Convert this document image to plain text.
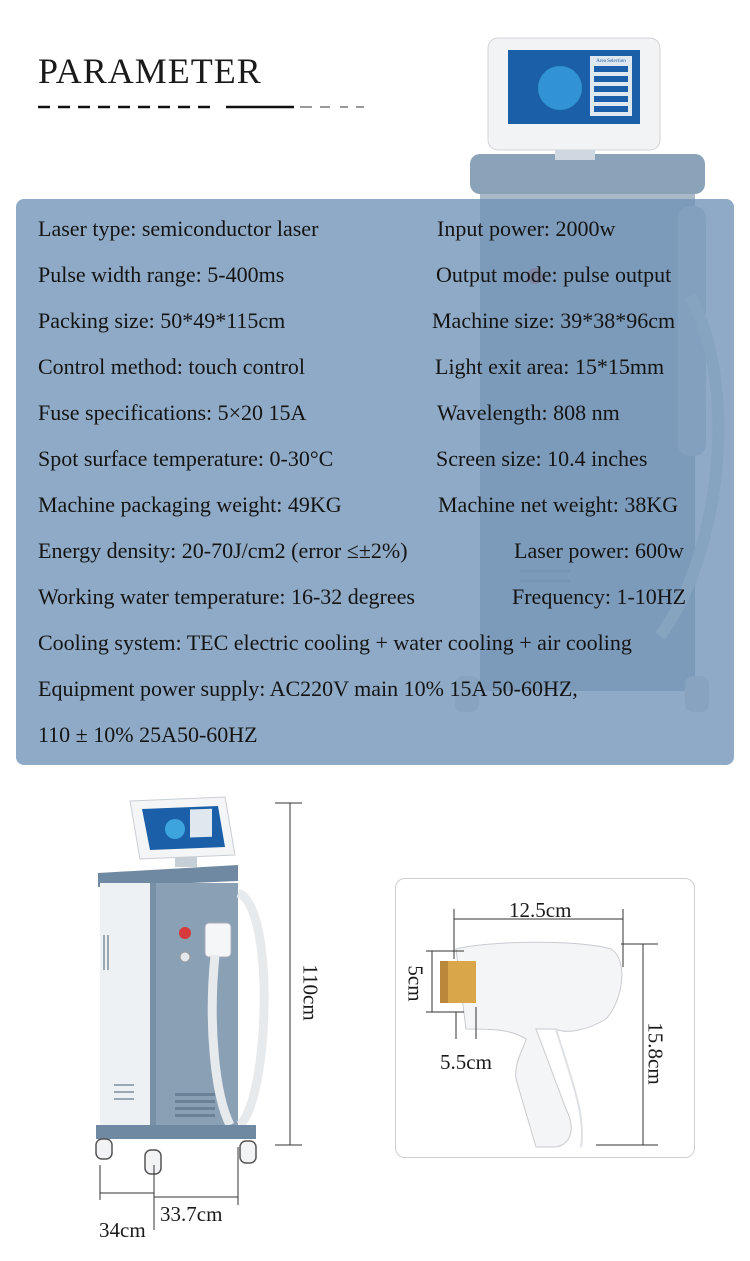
PARAMETER	Area Selection
Laser type: semiconductor laser
Pulse width range: 5-400ms
Packing size: 50*49*115cm
Control method: touch control
Fuse specifications: 5×20 15A
Spot surface temperature: 0-30°C
Machine packaging weight: 49KG
Energy density: 20-70J/cm2 (error ≤±2%)
Working water temperature: 16-32 degrees
Input power: 2000w
Output mode: pulse output
Machine size: 39*38*96cm
Light exit area: 15*15mm
Wavelength: 808 nm
Screen size: 10.4 inches
Machine net weight: 38KG
Laser power: 600w
Frequency: 1-10HZ
Cooling system: TEC electric cooling + water cooling + air cooling
Equipment power supply: AC220V main 10% 15A 50-60HZ,
110 ± 10% 25A50-60HZ
110cm
34cm
33.7cm
12.5cm
5cm
5.5cm	15.8cm
